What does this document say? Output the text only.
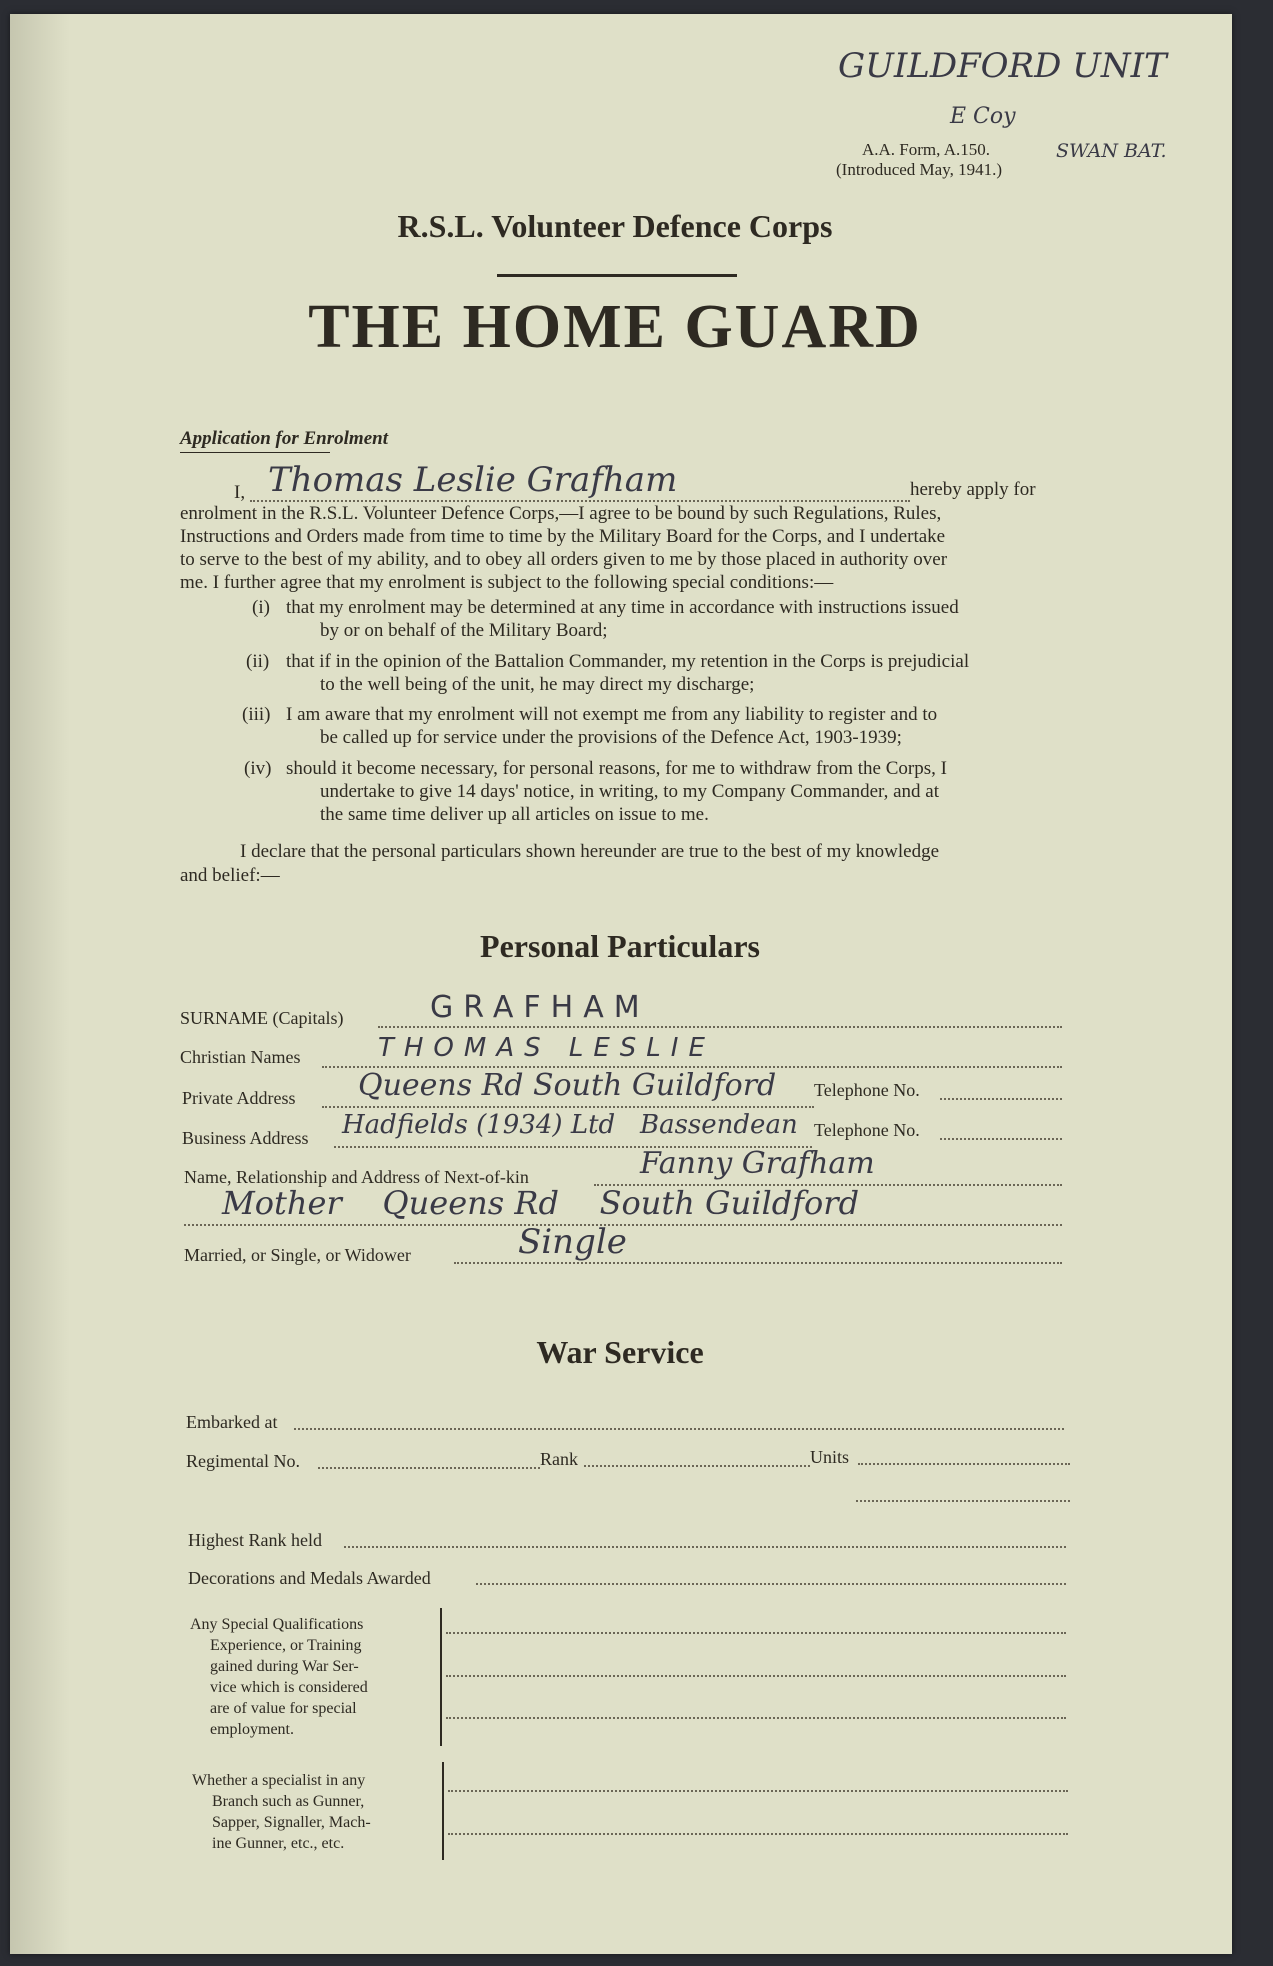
GUILDFORD UNIT
E Coy
SWAN BAT.
A.A. Form, A.150.
(Introduced May, 1941.)
R.S.L. Volunteer Defence Corps
THE HOME GUARD
Application for Enrolment
I, Thomas Leslie Grafham	hereby apply for
enrolment in the R.S.L. Volunteer Defence Corps,—I agree to be bound by such Regulations, Rules,
Instructions and Orders made from time to time by the Military Board for the Corps, and I undertake
to serve to the best of my ability, and to obey all orders given to me by those placed in authority over
me. I further agree that my enrolment is subject to the following special conditions:—
(i) that my enrolment may be determined at any time in accordance with instructions issued
by or on behalf of the Military Board;
(ii) that if in the opinion of the Battalion Commander, my retention in the Corps is prejudicial
to the well being of the unit, he may direct my discharge;
(iii) I am aware that my enrolment will not exempt me from any liability to register and to
be called up for service under the provisions of the Defence Act, 1903-1939;
(iv) should it become necessary, for personal reasons, for me to withdraw from the Corps, I
undertake to give 14 days' notice, in writing, to my Company Commander, and at
the same time deliver up all articles on issue to me.
I declare that the personal particulars shown hereunder are true to the best of my knowledge
and belief:—
Personal Particulars
SURNAME (Capitals)	GRAFHAM
Christian Names	THOMAS LESLIE
Private Address Queens Rd South Guildford Telephone No.
Business Address Hadfields (1934) Ltd   Bassendean Telephone No.
Name, Relationship and Address of Next-of-kin	Fanny Grafham
Mother    Queens Rd    South Guildford
Married, or Single, or Widower	Single
War Service
Embarked at
Regimental No.	Rank	Units
Highest Rank held
Decorations and Medals Awarded
Any Special Qualifications
Experience, or Training
gained during War Ser-
vice which is considered
are of value for special
employment.
Whether a specialist in any
Branch such as Gunner,
Sapper, Signaller, Mach-
ine Gunner, etc., etc.
